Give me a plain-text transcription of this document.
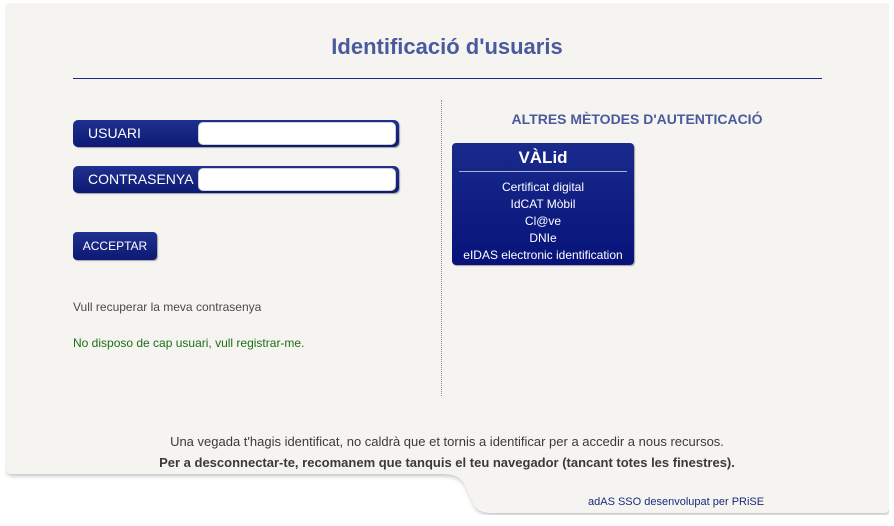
Identificació d'usuaris
USUARI
CONTRASENYA
ACCEPTAR
Vull recuperar la meva contrasenya
No disposo de cap usuari, vull registrar-me.
ALTRES MÈTODES D'AUTENTICACIÓ
VÀLid
Certificat digital
IdCAT Mòbil
Cl@ve
DNIe
eIDAS electronic identification
Una vegada t'hagis identificat, no caldrà que et tornis a identificar per a accedir a nous recursos.
Per a desconnectar-te, recomanem que tanquis el teu navegador (tancant totes les finestres).
adAS SSO desenvolupat per PRiSE
